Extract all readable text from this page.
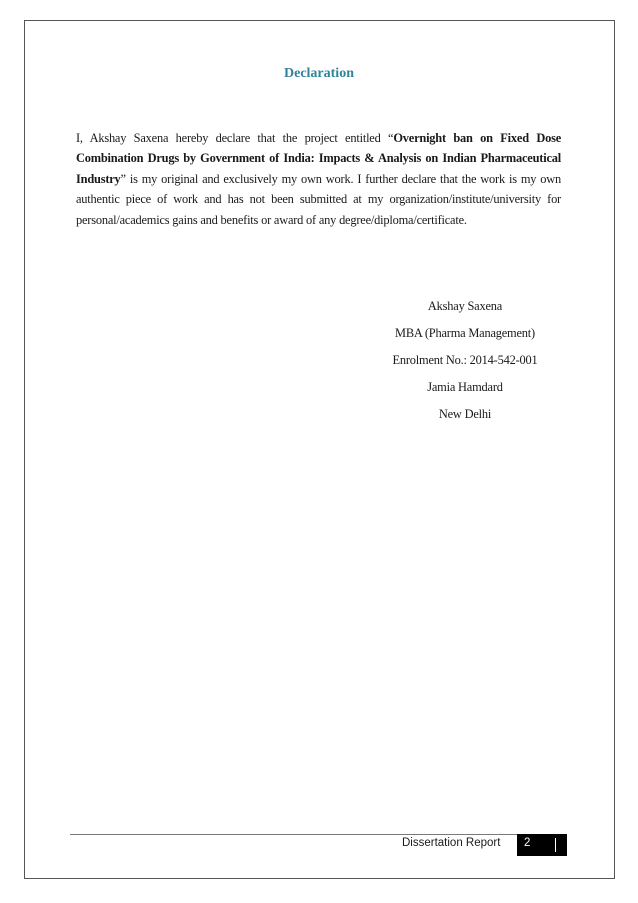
Declaration
I, Akshay Saxena hereby declare that the project entitled “Overnight ban on Fixed Dose Combination Drugs by Government of India: Impacts & Analysis on Indian Pharmaceutical Industry” is my original and exclusively my own work. I further declare that the work is my own authentic piece of work and has not been submitted at my organization/institute/university for personal/academics gains and benefits or award of any degree/diploma/certificate.
Akshay Saxena
MBA (Pharma Management)
Enrolment No.: 2014-542-001
Jamia Hamdard
New Delhi
Dissertation Report 2
